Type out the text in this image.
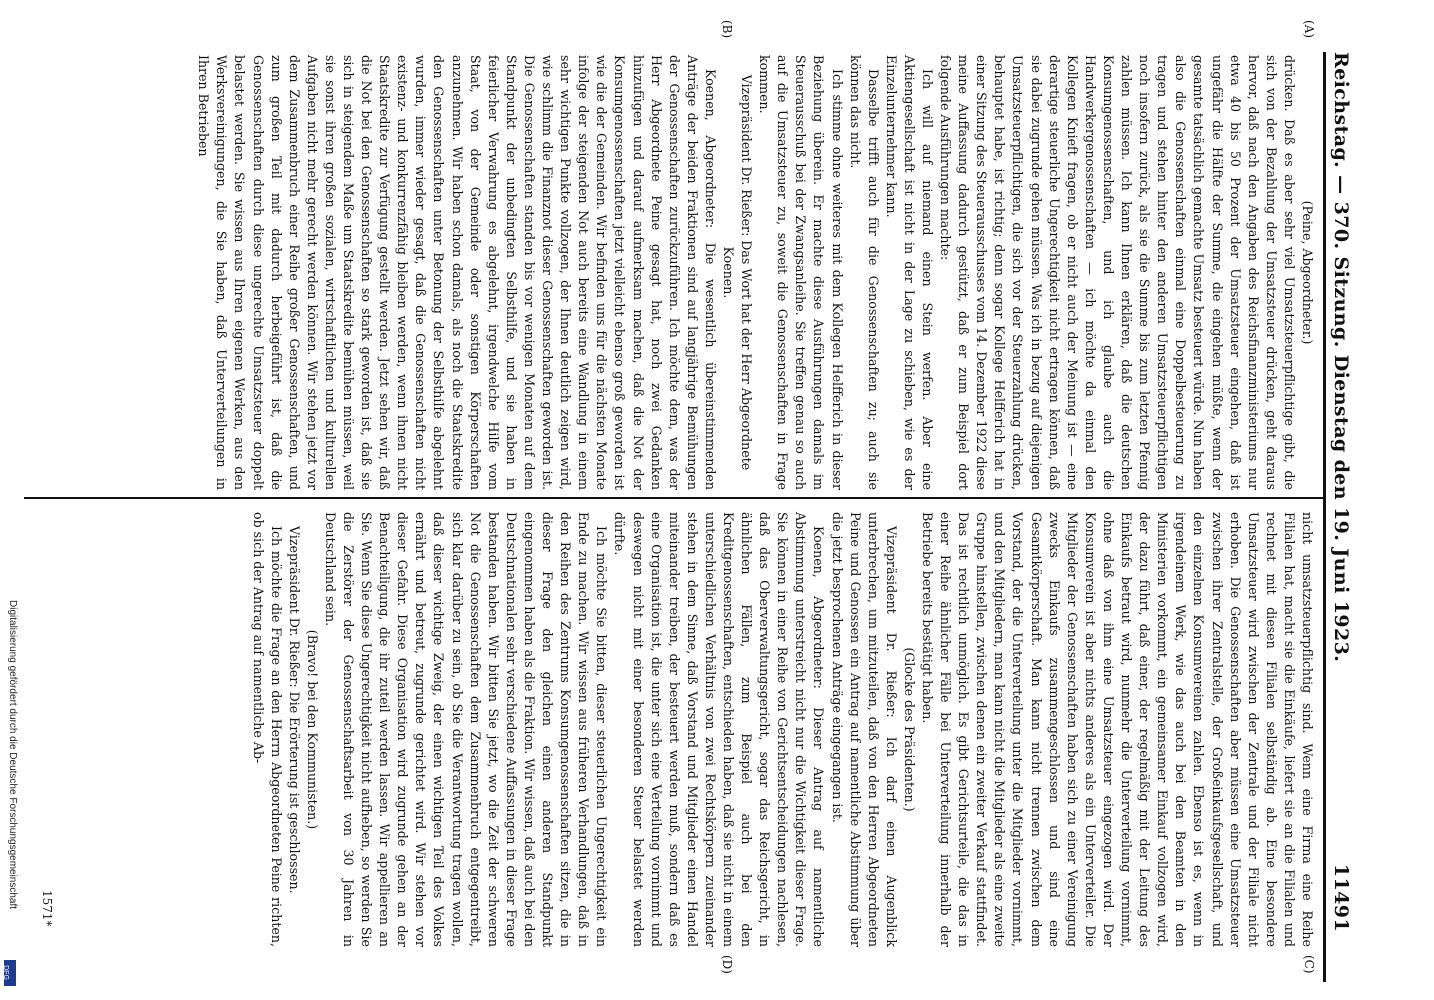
Reichstag. — 370. Sitzung. Dienstag den 19. Juni 1923.
11491
(A)
(B)
(C)
(D)

(Peine, Abgeordneter.)

drücken. Daß es aber sehr viel Umsatzsteuerpflichtige gibt, die sich von der Bezahlung der Umsatzsteuer drücken, geht daraus hervor, daß nach den Angaben des Reichsfinanzministeriums nur etwa 40 bis 50 Prozent der Umsatzsteuer eingehen, daß ist ungefähr die Hälfte der Summe, die eingehen müßte, wenn der gesamte tatsächlich gemachte Umsatz besteuert würde. Nun haben also die Genossenschaften einmal eine Doppelbesteuerung zu tragen und stehen hinter den anderen Umsatzsteuerpflichtigen noch insofern zurück, als sie die Summe bis zum letzten Pfennig zahlen müssen. Ich kann Ihnen erklären, daß die deutschen Konsumgenossenschaften, und ich glaube auch die Handwerkergenossenschaften — ich möchte da einmal den Kollegen Knieft fragen, ob er nicht auch der Meinung ist — eine derartige steuerliche Ungerechtigkeit nicht ertragen können, daß sie dabei zugrunde gehen müssen. Was ich in bezug auf diejenigen Umsatzsteuerpflichtigen, die sich vor der Steuerzahlung drücken, behauptet habe, ist richtig; denn sogar Kollege Helfferich hat in einer Sitzung des Steuerausschusses vom 14. Dezember 1922 diese meine Auffassung dadurch gestützt, daß er zum Beispiel dort folgende Ausführungen machte:

Ich will auf niemand einen Stein werfen. Aber eine Aktiengesellschaft ist nicht in der Lage zu schieben, wie es der Einzelunternehmer kann.

Dasselbe trifft auch für die Genossenschaften zu; auch sie können das nicht.

Ich stimme ohne weiteres mit dem Kollegen Helfferich in dieser Beziehung überein. Er machte diese Ausführungen damals im Steuerausschuß bei der Zwangsanleihe. Sie treffen genau so auch auf die Umsatzsteuer zu, soweit die Genossenschaften in Frage kommen.

Vizepräsident Dr. Rießer: Das Wort hat der Herr Abgeordnete Koenen.

Koenen, Abgeordneter: Die wesentlich übereinstimmenden Anträge der beiden Fraktionen sind auf langjährige Bemühungen der Genossenschaften zurückzuführen. Ich möchte dem, was der Herr Abgeordnete Peine gesagt hat, noch zwei Gedanken hinzufügen und darauf aufmerksam machen, daß die Not der Konsumgenossenschaften jetzt vielleicht ebenso groß geworden ist wie die der Gemeinden. Wir befinden uns für die nächsten Monate infolge der steigenden Not auch bereits eine Wandlung in einem sehr wichtigen Punkte vollzogen, der Ihnen deutlich zeigen wird, wie schlimm die Finanznot dieser Genossenschaften geworden ist. Die Genossenschaften standen bis vor wenigen Monaten auf dem Standpunkt der unbedingten Selbsthilfe, und sie haben in feierlicher Verwahrung es abgelehnt, irgendwelche Hilfe vom Staat, von der Gemeinde oder sonstigen Körperschaften anzunehmen. Wir haben schon damals, als noch die Staatskredite den Genossenschaften unter Betonung der Selbsthilfe abgelehnt wurden, immer wieder gesagt, daß die Genossenschaften nicht existenz- und konkurrenzfähig bleiben werden, wenn ihnen nicht Staatskredite zur Verfügung gestellt werden. Jetzt sehen wir, daß die Not bei den Genossenschaften so stark geworden ist, daß sie sich in steigendem Maße um Staatskredite bemühen müssen, weil sie sonst ihren großen sozialen, wirtschaftlichen und kulturellen Aufgaben nicht mehr gerecht werden können. Wir stehen jetzt vor dem Zusammenbruch einer Reihe großer Genossenschaften, und zum großen Teil mit dadurch herbeigeführt ist, daß die Genossenschaften durch diese ungerechte Umsatzsteuer doppelt belastet werden. Sie wissen aus Ihren eigenen Werken, aus den Werksvereinigungen, die Sie haben, daß Unterverteilungen in Ihren Betrieben

nicht umsatzsteuerpflichtig sind. Wenn eine Firma eine Reihe Filialen hat, macht sie die Einkäufe, liefert sie an die Filialen und rechnet mit diesen Filialen selbständig ab. Eine besondere Umsatzsteuer wird zwischen der Zentrale und der Filiale nicht erhoben. Die Genossenschaften aber müssen eine Umsatzsteuer zwischen ihrer Zentralstelle, der Großeinkaufsgesellschaft, und den einzelnen Konsumvereinen zahlen. Ebenso ist es, wenn in irgendeinem Werk, wie das auch bei den Beamten in den Ministerien vorkommt, ein gemeinsamer Einkauf vollzogen wird, der dazu führt, daß einer, der regelmäßig mit der Leitung des Einkaufs betraut wird, nunmehr die Unterverteilung vornimmt, ohne daß von ihm eine Umsatzsteuer eingezogen wird. Der Konsumverein ist aber nichts anderes als ein Unterverteiler. Die Mitglieder der Genossenschaften haben sich zu einer Vereinigung zwecks Einkaufs zusammengeschlossen und sind eine Gesamtkörperschaft. Man kann nicht trennen zwischen dem Vorstand, der die Unterverteilung unter die Mitglieder vornimmt, und den Mitgliedern, man kann nicht die Mitglieder als eine zweite Gruppe hinstellen, zwischen denen ein zweiter Verkauf stattfindet. Das ist rechtlich unmöglich. Es gibt Gerichtsurteile, die das in einer Reihe ähnlicher Fälle bei Unterverteilung innerhalb der Betriebe bereits bestätigt haben.

(Glocke des Präsidenten.)

Vizepräsident Dr. Rießer: Ich darf einen Augenblick unterbrechen, um mitzuteilen, daß von den Herren Abgeordneten Peine und Genossen ein Antrag auf namentliche Abstimmung über die jetzt besprochenen Anträge eingegangen ist.

Koenen, Abgeordneter: Dieser Antrag auf namentliche Abstimmung unterstreicht nicht nur die Wichtigkeit dieser Frage. Sie können in einer Reihe von Gerichtsentscheidungen nachlesen, daß das Oberverwaltungsgericht, sogar das Reichsgericht, in ähnlichen Fällen, zum Beispiel auch bei den Kreditgenossenschaften, entschieden haben, daß sie nicht in einem unterschiedlichen Verhältnis von zwei Rechtskörpern zueinander stehen in dem Sinne, daß Vorstand und Mitglieder einen Handel miteinander treiben, der besteuert werden muß, sondern daß es eine Organisation ist, die unter sich eine Verteilung vornimmt und deswegen nicht mit einer besonderen Steuer belastet werden dürfte.

Ich möchte Sie bitten, dieser steuerlichen Ungerechtigkeit ein Ende zu machen. Wir wissen aus früheren Verhandlungen, daß in den Reihen des Zentrums Konsumgenossenschaften sitzen, die in dieser Frage den gleichen einen anderen Standpunkt eingenommen haben als die Fraktion. Wir wissen, daß auch bei den Deutschnationalen sehr verschiedene Auffassungen in dieser Frage bestanden haben. Wir bitten Sie jetzt, wo die Zeit der schweren Not die Genossenschaften dem Zusammenbruch entgegentreibt, sich klar darüber zu sein, ob Sie die Verantwortung tragen wollen, daß dieser wichtige Zweig, der einen wichtigen Teil des Volkes ernährt und betreut, zugrunde gerichtet wird. Wir stehen vor dieser Gefahr. Diese Organisation wird zugrunde gehen an der Benachteiligung, die ihr zuteil werden lassen. Wir appellieren an Sie. Wenn Sie diese Ungerechtigkeit nicht aufheben, so werden Sie die Zerstörer der Genossenschaftsarbeit von 30 Jahren in Deutschland sein.

(Bravo! bei den Kommunisten.)

Vizepräsident Dr. Rießer: Die Erörterung ist geschlossen.

Ich möchte die Frage an den Herrn Abgeordneten Peine richten, ob sich der Antrag auf namentliche Ab-

1571*
Digitalisierung gefördert durch die Deutsche Forschungsgemeinschaft
DFG
